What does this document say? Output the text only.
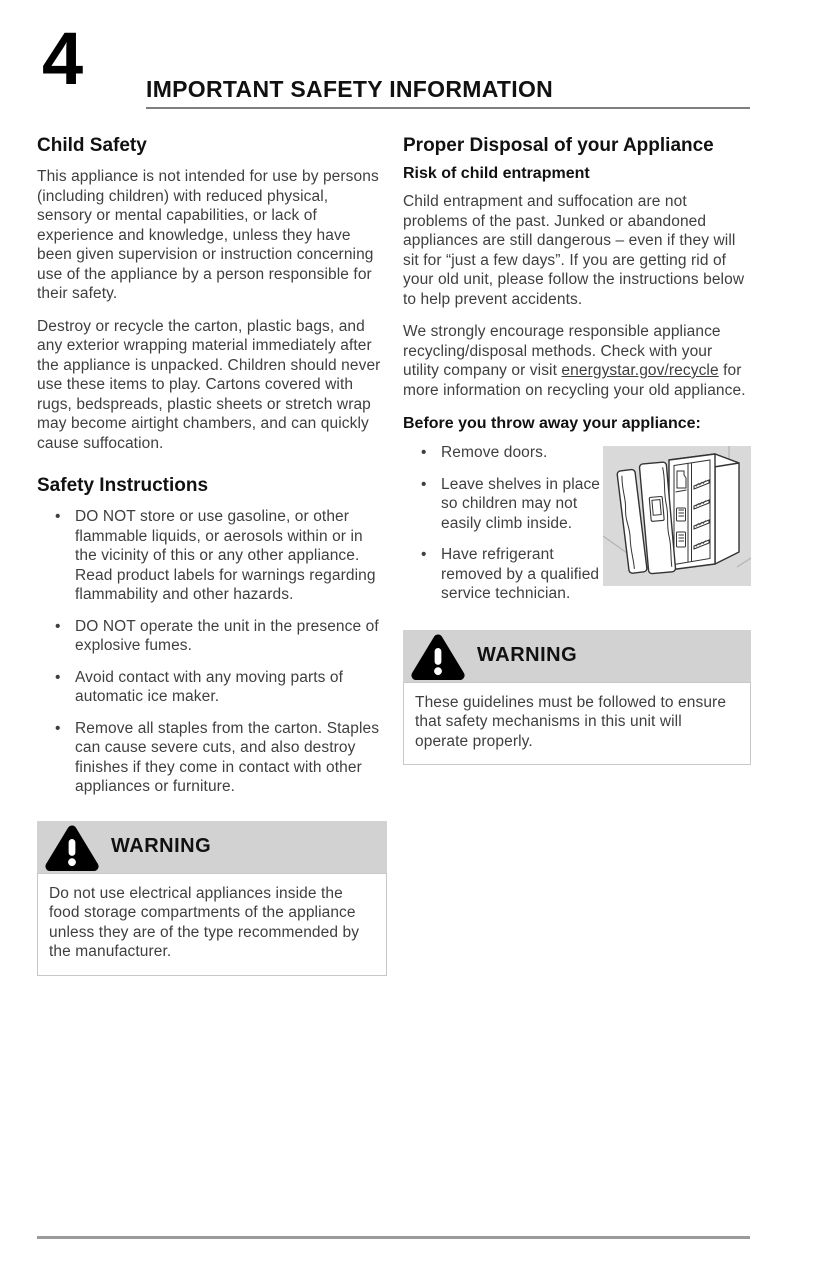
4	IMPORTANT SAFETY INFORMATION
Child Safety

This appliance is not intended for use by persons (including children) with reduced physical, sensory or mental capabilities, or lack of experience and knowledge, unless they have been given supervision or instruction concerning use of the appliance by a person responsible for their safety.

Destroy or recycle the carton, plastic bags, and any exterior wrapping material immediately after the appliance is unpacked. Children should never use these items to play. Cartons covered with rugs, bedspreads, plastic sheets or stretch wrap may become airtight chambers, and can quickly cause suffocation.

Safety Instructions
• DO NOT store or use gasoline, or other flammable liquids, or aerosols within or in the vicinity of this or any other appliance. Read product labels for warnings regarding flammability and other hazards.
• DO NOT operate the unit in the presence of explosive fumes.
• Avoid contact with any moving parts of automatic ice maker.
• Remove all staples from the carton. Staples can cause severe cuts, and also destroy finishes if they come in contact with other appliances or furniture.
WARNING
Do not use electrical appliances inside the food storage compartments of the appliance unless they are of the type recommended by the manufacturer.
Proper Disposal of your Appliance
Risk of child entrapment

Child entrapment and suffocation are not problems of the past. Junked or abandoned appliances are still dangerous – even if they will sit for “just a few days”. If you are getting rid of your old unit, please follow the instructions below to help prevent accidents.

We strongly encourage responsible appliance recycling/disposal methods. Check with your utility company or visit energystar.gov/recycle for more information on recycling your old appliance.

Before you throw away your appliance:
• Remove doors.
• Leave shelves in place so children may not easily climb inside.
• Have refrigerant removed by a qualified service technician.
WARNING
These guidelines must be followed to ensure that safety mechanisms in this unit will operate properly.
